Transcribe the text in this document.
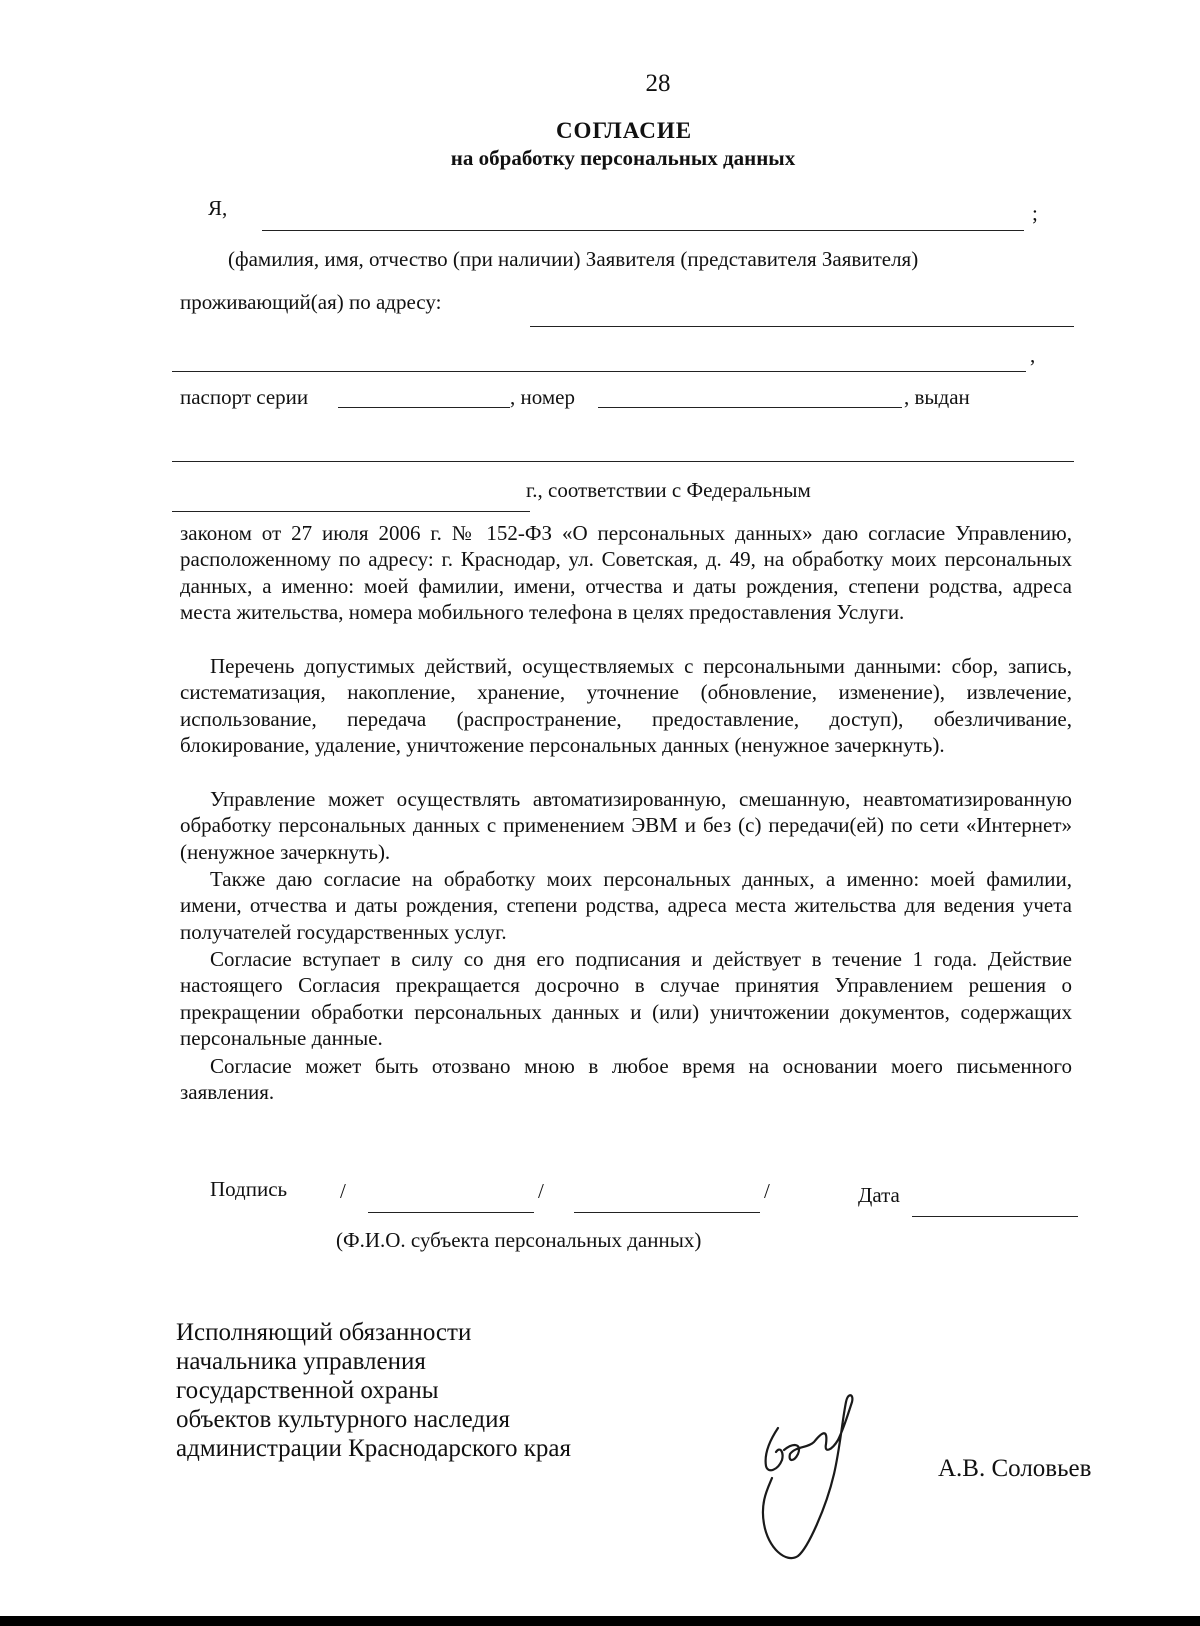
28
СОГЛАСИЕ
на обработку персональных данных
Я,	;
(фамилия, имя, отчество (при наличии) Заявителя (представителя Заявителя)
проживающий(ая) по адресу:
,
паспорт серии	, номер	, выдан
г., соответствии с Федеральным

законом от 27 июля 2006 г. № 152-ФЗ «О персональных данных» даю согласие Управлению, расположенному по адресу: г. Краснодар, ул. Советская, д. 49, на обработку моих персональных данных, а именно: моей фамилии, имени, отчества и даты рождения, степени родства, адреса места жительства, номера мобильного телефона в целях предоставления Услуги.

Перечень допустимых действий, осуществляемых с персональными данными: сбор, запись, систематизация, накопление, хранение, уточнение (обновление, изменение), извлечение, использование, передача (распространение, предоставление, доступ), обезличивание, блокирование, удаление, уничтожение персональных данных (ненужное зачеркнуть).

Управление может осуществлять автоматизированную, смешанную, неавтоматизированную обработку персональных данных с применением ЭВМ и без (с) передачи(ей) по сети «Интернет» (ненужное зачеркнуть).

Также даю согласие на обработку моих персональных данных, а именно: моей фамилии, имени, отчества и даты рождения, степени родства, адреса места жительства для ведения учета получателей государственных услуг.

Согласие вступает в силу со дня его подписания и действует в течение 1 года. Действие настоящего Согласия прекращается досрочно в случае принятия Управлением решения о прекращении обработки персональных данных и (или) уничтожении документов, содержащих персональные данные.

Согласие может быть отозвано мною в любое время на основании моего письменного заявления.

Подпись	/	/	/	Дата
(Ф.И.О. субъекта персональных данных)
Исполняющий обязанности
начальника управления
государственной охраны
объектов культурного наследия
администрации Краснодарского края
А.В. Соловьев
